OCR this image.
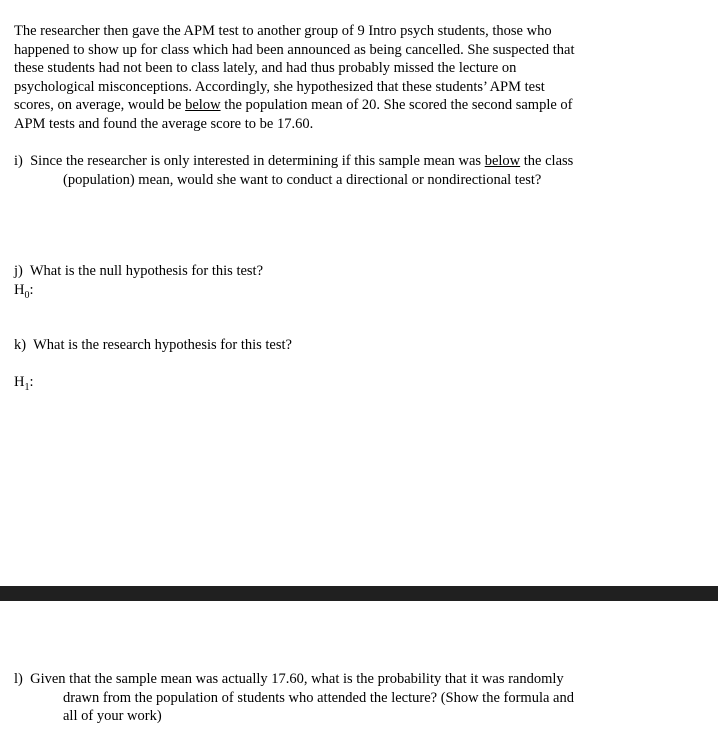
The researcher then gave the APM test to another group of 9 Intro psych students, those who
happened to show up for class which had been announced as being cancelled. She suspected that
these students had not been to class lately, and had thus probably missed the lecture on
psychological misconceptions. Accordingly, she hypothesized that these students’ APM test
scores, on average, would be below the population mean of 20. She scored the second sample of
APM tests and found the average score to be 17.60.
i)  Since the researcher is only interested in determining if this sample mean was below the class
(population) mean, would she want to conduct a directional or nondirectional test?
j)  What is the null hypothesis for this test?
$H_0$:
k)  What is the research hypothesis for this test?
$H_1$:
l)  Given that the sample mean was actually 17.60, what is the probability that it was randomly
drawn from the population of students who attended the lecture? (Show the formula and
all of your work)
